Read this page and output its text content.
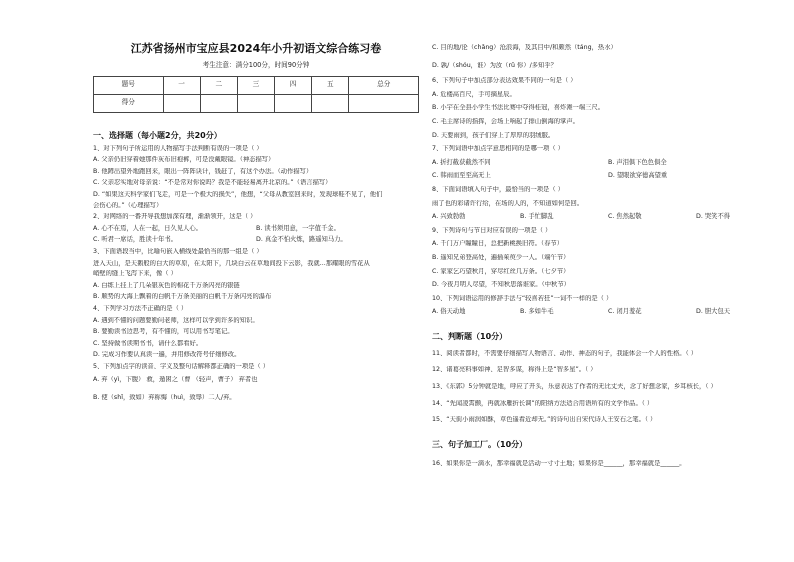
江苏省扬州市宝应县2024年小升初语文综合练习卷
考生注意：满分100分，时间90分钟
题号	一	二	三	四	五	总分
得分						
一、选择题（每小题2分，共20分）
1、对下列句子所运用的人物描写手法判断有误的一项是（ ）
A. 父亲仍旧穿着她那件灰布旧袍裤，可是没戴眼镜。（神态描写）
B. 他蹲出望外地跑回来，眼出一阵阵诀计，钱赶了，有这个办法。（动作描写）
C. 父亲忍实地对母亲说：“不是常对你说吗？我是不能轻易离开北京的。”（语言描写）
D. “如果这天科学家们飞走，可是一个极大的损失”，他想，“父母从教室回来时，发现球鞋不见了，他们
会伤心的。”（心理描写）
2、对网络的一番开导我想加深有理，渐渐领开，这是（ ）
A. 心不在焉，人在一起，日久见人心。	B. 读书须用意，一字值千金。
C. 听君一席话，胜读十年书。	D. 真金不怕火炼，路遥知马力。
3、下面语段当中，比喻句嵌入横线处最恰当的那一组是（ ）
进入天山，是天鹅般的白大的草原，在太阳下，几块白云在草地间投下云影，我就...那耀眼的雪花从
峭壁的缝上飞泻下来，像（ ）
A. 白练上挂上了几朵银灰色的棉花千万条闪亮的银链
B. 顺势的大海上飘着的白帆千万条美丽的白帆千万条闪亮的瀑布
4、下列学习方法不正确的是（ ）
A. 遇到不懂的问题要勤问老师，这样可以学到许多的知识。
B. 要勤读书边思考，有不懂的，可以用书写笔记。
C. 坚持做书读期书书，请什么都看好。
D. 完成习作要认真读一遍，并用修改符号仔细修改。
5、下列加点字的读音、字义及整句话解释都正确的一项是（ ）
A. 弃（yì，下腹） 救，遁困之（曹 （轻声，曹子） 弃者也
B. 使（shǐ，致如）弃称悔（huì，致辱）二人/弃。
C. 目的地/论（chǎng）沧浪海，及其目中/和颇然（táng，热水）
D. 孰/（shóu，谁）为汝（rǔ 你）/多知乎？
6、下列句子中加点部分表达效果不同的一句是（ ）
A. 危楼高百尺，手可摘星辰。
B. 小宇在全县小学生书法比赛中夺得桂冠，喜炸滩一端三尺。
C. 毛主席诗的指挥，会场上响起了排山倒海的掌声。
D. 天要雨到，孩子们穿上了厚厚的羽绒服。
7、下列词语中加点字意思相同的是哪一项（ ）
A. 折打截获截然不同	B. 声泪俱下色色俱全
C. 韩雨而至至高无上	D. 望眼欲穿德高望重
8、下面词语填入句子中，最恰当的一项是（ ）
雨了也的彩诸许行给，在场的人的，不知道如何是回。
A. 兴致勃勃	B. 手忙脚乱	C. 焦然起敬	D. 哭笑不得
9、下列诗句与节日对应有误的一项是（ ）
A. 千门万户瞳瞳日，总把新桃换旧符。（春节）
B. 遥知兄弟登高处，遍插茱萸少一人。（端午节）
C. 家家乞巧望秋月，穿尽红丝几万条。（七夕节）
D. 今夜月明人尽望，不知秋思落谁家。（中秋节）
10、下列词语运用的修辞手法与“较喜若狂”一词不一样的是（ ）
A. 俗天动地	B. 多如牛毛	C. 闭月羞花	D. 胆大包天
二、判断题（10分）
11、阅读者都时，不需要仔细描写人物语言、动作、神态的句子，我能体会一个人的性格。（ ）
12、诸葛亮料事如神、足智多谋，称得上是“智多星”。（ ）
13、《东郭》5分钟就是地，呼应了开头，乐意表达了作者的无比丈夫，念了好想念家，乡耳核长，（ ）
14、“先闻凌霄颤，再就冰雁折长调”的阳纳方法适合用语所有的文学作品。（ ）
15、“天街小雨润如酥，草色遥看近却无。”的诗句出自宋代诗人王安石之笔。（ ）
三、句子加工厂。（10分）
16、如果你是一滴水，那幸福就是活动一寸寸土地；如果你是______，那幸福就是______。
